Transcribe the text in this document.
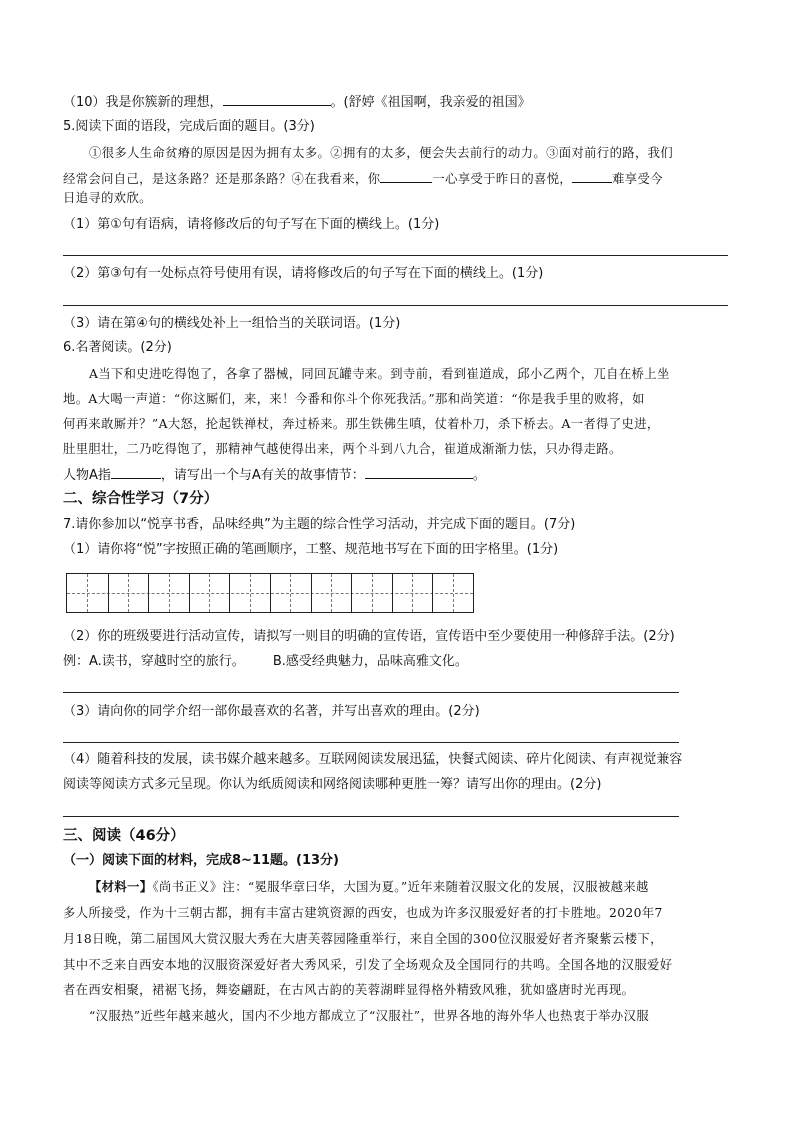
（10）我是你簇新的理想，	。(舒婷《祖国啊，我亲爱的祖国》
5.阅读下面的语段，完成后面的题目。(3分)
①很多人生命贫瘠的原因是因为拥有太多。②拥有的太多，便会失去前行的动力。③面对前行的路，我们
经常会问自己，是这条路？还是那条路？④在我看来，你	一心享受于昨日的喜悦，	难享受今
日追寻的欢欣。
（1）第①句有语病，请将修改后的句子写在下面的横线上。(1分)
（2）第③句有一处标点符号使用有误，请将修改后的句子写在下面的横线上。(1分)
（3）请在第④句的横线处补上一组恰当的关联词语。(1分)
6.名著阅读。(2分)
A当下和史进吃得饱了，各拿了器械，同回瓦罐寺来。到寺前，看到崔道成，邱小乙两个，兀自在桥上坐
地。A大喝一声道：“你这厮们，来，来！今番和你斗个你死我活。”那和尚笑道：“你是我手里的败将，如
何再来敢厮并？”A大怒，抡起铁禅杖，奔过桥来。那生铁佛生嗔，仗着朴刀，杀下桥去。A一者得了史进，
肚里胆壮，二乃吃得饱了，那精神气越使得出来，两个斗到八九合，崔道成渐渐力怯，只办得走路。
人物A指	，请写出一个与A有关的故事情节：	。
二、综合性学习（7分）
7.请你参加以“悦享书香，品味经典”为主题的综合性学习活动，并完成下面的题目。(7分)
（1）请你将“悦”字按照正确的笔画顺序，工整、规范地书写在下面的田字格里。(1分)
（2）你的班级要进行活动宣传，请拟写一则目的明确的宣传语，宣传语中至少要使用一种修辞手法。(2分)
例：A.读书，穿越时空的旅行。 B.感受经典魅力，品味高雅文化。
（3）请向你的同学介绍一部你最喜欢的名著，并写出喜欢的理由。(2分)
（4）随着科技的发展，读书媒介越来越多。互联网阅读发展迅猛，快餐式阅读、碎片化阅读、有声视觉兼容
阅读等阅读方式多元呈现。你认为纸质阅读和网络阅读哪种更胜一筹？请写出你的理由。(2分)
三、阅读（46分）
（一）阅读下面的材料，完成8~11题。(13分)
【材料一】《尚书正义》注：“冕服华章曰华，大国为夏。”近年来随着汉服文化的发展，汉服被越来越
多人所接受，作为十三朝古都，拥有丰富古建筑资源的西安，也成为许多汉服爱好者的打卡胜地。2020年7
月18日晚，第二届国风大赏汉服大秀在大唐芙蓉园隆重举行，来自全国的300位汉服爱好者齐聚紫云楼下，
其中不乏来自西安本地的汉服资深爱好者大秀风采，引发了全场观众及全国同行的共鸣。全国各地的汉服爱好
者在西安相聚，裙裾飞扬，舞姿翩跹，在古风古韵的芙蓉湖畔显得格外精致风雅，犹如盛唐时光再现。
“汉服热”近些年越来越火，国内不少地方都成立了“汉服社”，世界各地的海外华人也热衷于举办汉服
